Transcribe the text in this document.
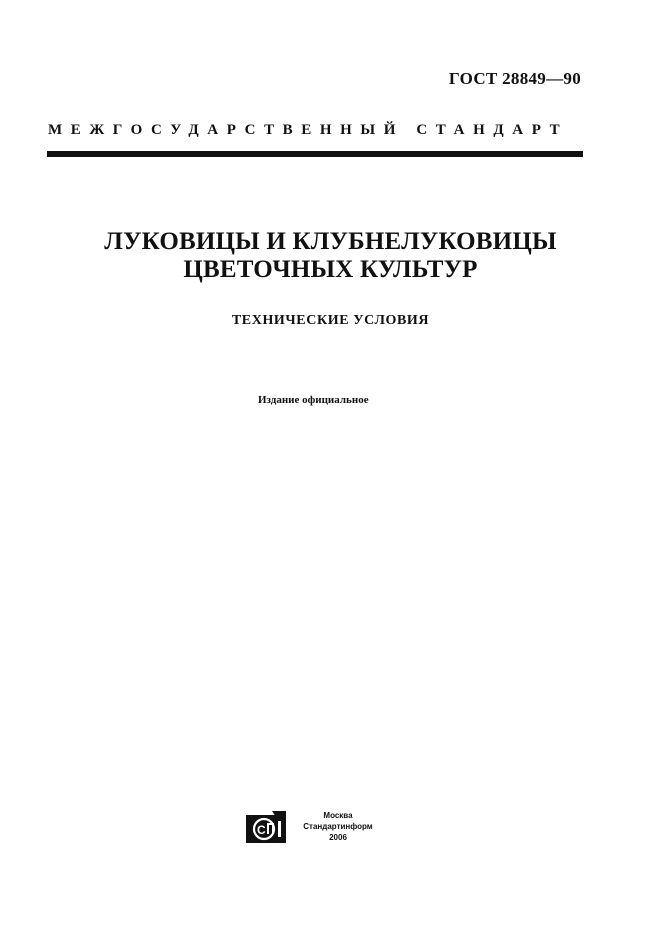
ГОСТ 28849—90
МЕЖГОСУДАРСТВЕННЫЙ СТАНДАРТ
ЛУКОВИЦЫ И КЛУБНЕЛУКОВИЦЫ
ЦВЕТОЧНЫХ КУЛЬТУР
ТЕХНИЧЕСКИЕ УСЛОВИЯ
Издание официальное
С
Москва
Стандартинформ
2006
